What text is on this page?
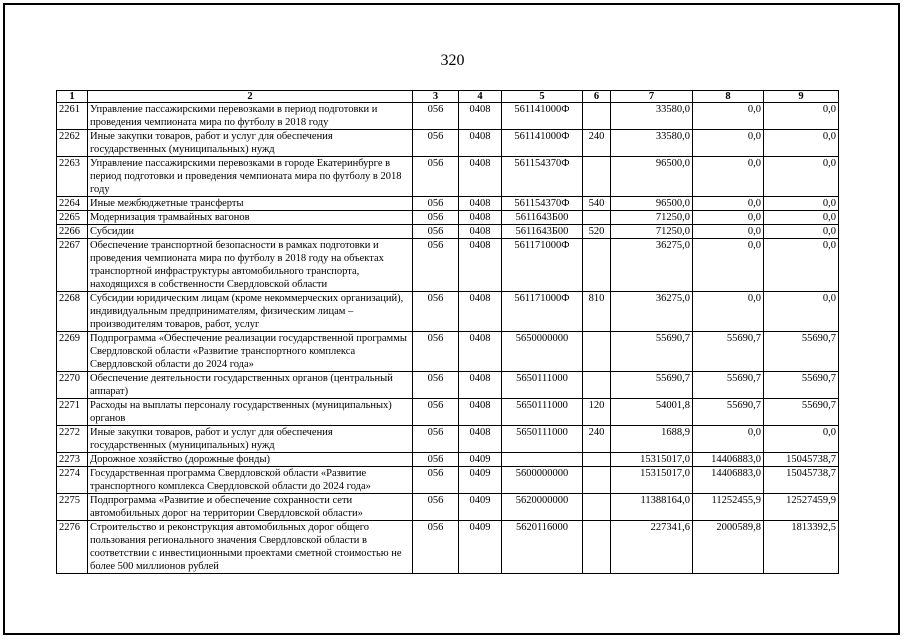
320
1	2	3	4	5	6	7	8	9
2261	Управление пассажирскими перевозками в период подготовки и проведения чемпионата мира по футболу в 2018 году	056	0408	561141000Ф		33580,0	0,0	0,0
2262	Иные закупки товаров, работ и услуг для обеспечения государственных (муниципальных) нужд	056	0408	561141000Ф	240	33580,0	0,0	0,0
2263	Управление пассажирскими перевозками в городе Екатеринбурге в период подготовки и проведения чемпионата мира по футболу в 2018 году	056	0408	561154370Ф		96500,0	0,0	0,0
2264	Иные межбюджетные трансферты	056	0408	561154370Ф	540	96500,0	0,0	0,0
2265	Модернизация трамвайных вагонов	056	0408	5611643Б00		71250,0	0,0	0,0
2266	Субсидии	056	0408	5611643Б00	520	71250,0	0,0	0,0
2267	Обеспечение транспортной безопасности в рамках подготовки и проведения чемпионата мира по футболу в 2018 году на объектах транспортной инфраструктуры автомобильного транспорта, находящихся в собственности Свердловской области	056	0408	561171000Ф		36275,0	0,0	0,0
2268	Субсидии юридическим лицам (кроме некоммерческих организаций), индивидуальным предпринимателям, физическим лицам – производителям товаров, работ, услуг	056	0408	561171000Ф	810	36275,0	0,0	0,0
2269	Подпрограмма «Обеспечение реализации государственной программы Свердловской области «Развитие транспортного комплекса Свердловской области до 2024 года»	056	0408	5650000000		55690,7	55690,7	55690,7
2270	Обеспечение деятельности государственных органов (центральный аппарат)	056	0408	5650111000		55690,7	55690,7	55690,7
2271	Расходы на выплаты персоналу государственных (муниципальных) органов	056	0408	5650111000	120	54001,8	55690,7	55690,7
2272	Иные закупки товаров, работ и услуг для обеспечения государственных (муниципальных) нужд	056	0408	5650111000	240	1688,9	0,0	0,0
2273	Дорожное хозяйство (дорожные фонды)	056	0409			15315017,0	14406883,0	15045738,7
2274	Государственная программа Свердловской области «Развитие транспортного комплекса Свердловской области до 2024 года»	056	0409	5600000000		15315017,0	14406883,0	15045738,7
2275	Подпрограмма «Развитие и обеспечение сохранности сети автомобильных дорог на территории Свердловской области»	056	0409	5620000000		11388164,0	11252455,9	12527459,9
2276	Строительство и реконструкция автомобильных дорог общего пользования регионального значения Свердловской области в соответствии с инвестиционными проектами сметной стоимостью не более 500 миллионов рублей	056	0409	5620116000		227341,6	2000589,8	1813392,5
